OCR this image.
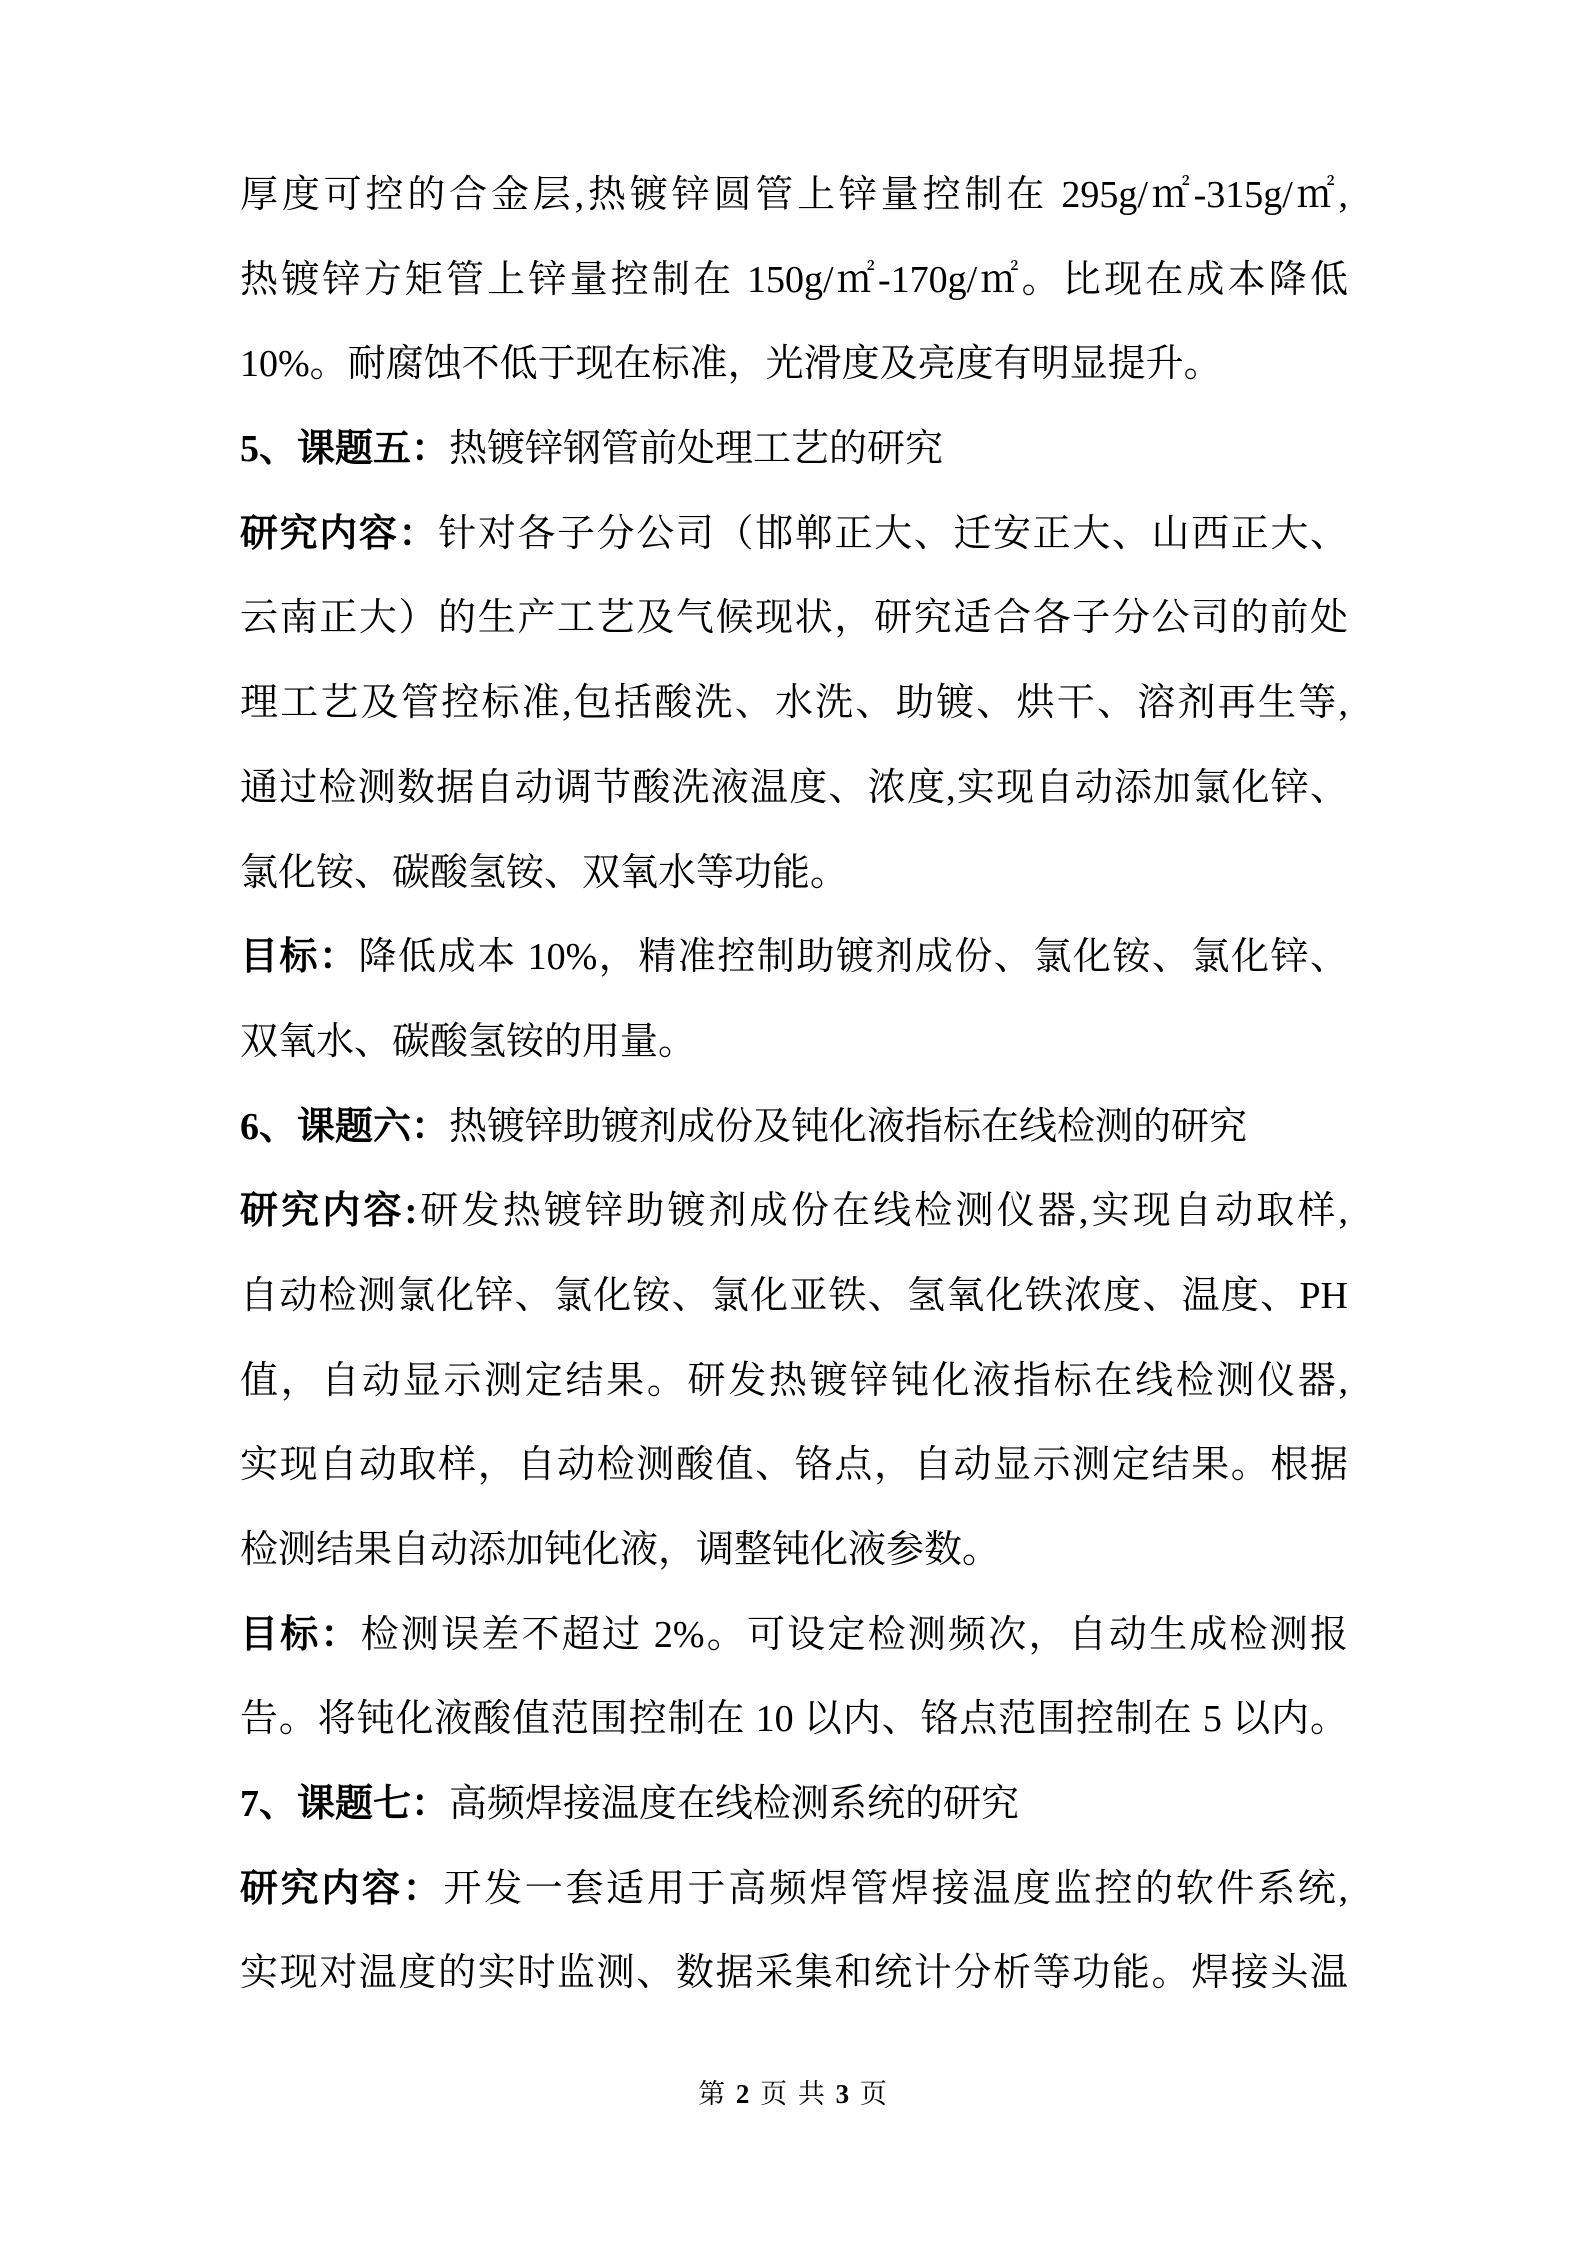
厚度可控的合金层,热镀锌圆管上锌量控制在 295g/㎡-315g/㎡,
热镀锌方矩管上锌量控制在 150g/㎡-170g/㎡。比现在成本降低
10%。耐腐蚀不低于现在标准，光滑度及亮度有明显提升。
5、课题五：热镀锌钢管前处理工艺的研究
研究内容：针对各子分公司（邯郸正大、迁安正大、山西正大、
云南正大）的生产工艺及气候现状，研究适合各子分公司的前处
理工艺及管控标准,包括酸洗、水洗、助镀、烘干、溶剂再生等,
通过检测数据自动调节酸洗液温度、浓度,实现自动添加氯化锌、
氯化铵、碳酸氢铵、双氧水等功能。
目标：降低成本 10%，精准控制助镀剂成份、氯化铵、氯化锌、
双氧水、碳酸氢铵的用量。
6、课题六：热镀锌助镀剂成份及钝化液指标在线检测的研究
研究内容:研发热镀锌助镀剂成份在线检测仪器,实现自动取样,
自动检测氯化锌、氯化铵、氯化亚铁、氢氧化铁浓度、温度、PH
值，自动显示测定结果。研发热镀锌钝化液指标在线检测仪器,
实现自动取样，自动检测酸值、铬点，自动显示测定结果。根据
检测结果自动添加钝化液，调整钝化液参数。
目标：检测误差不超过 2%。可设定检测频次，自动生成检测报
告。将钝化液酸值范围控制在 10 以内、铬点范围控制在 5 以内。
7、课题七：高频焊接温度在线检测系统的研究
研究内容：开发一套适用于高频焊管焊接温度监控的软件系统,
实现对温度的实时监测、数据采集和统计分析等功能。焊接头温
第 2 页 共 3 页
